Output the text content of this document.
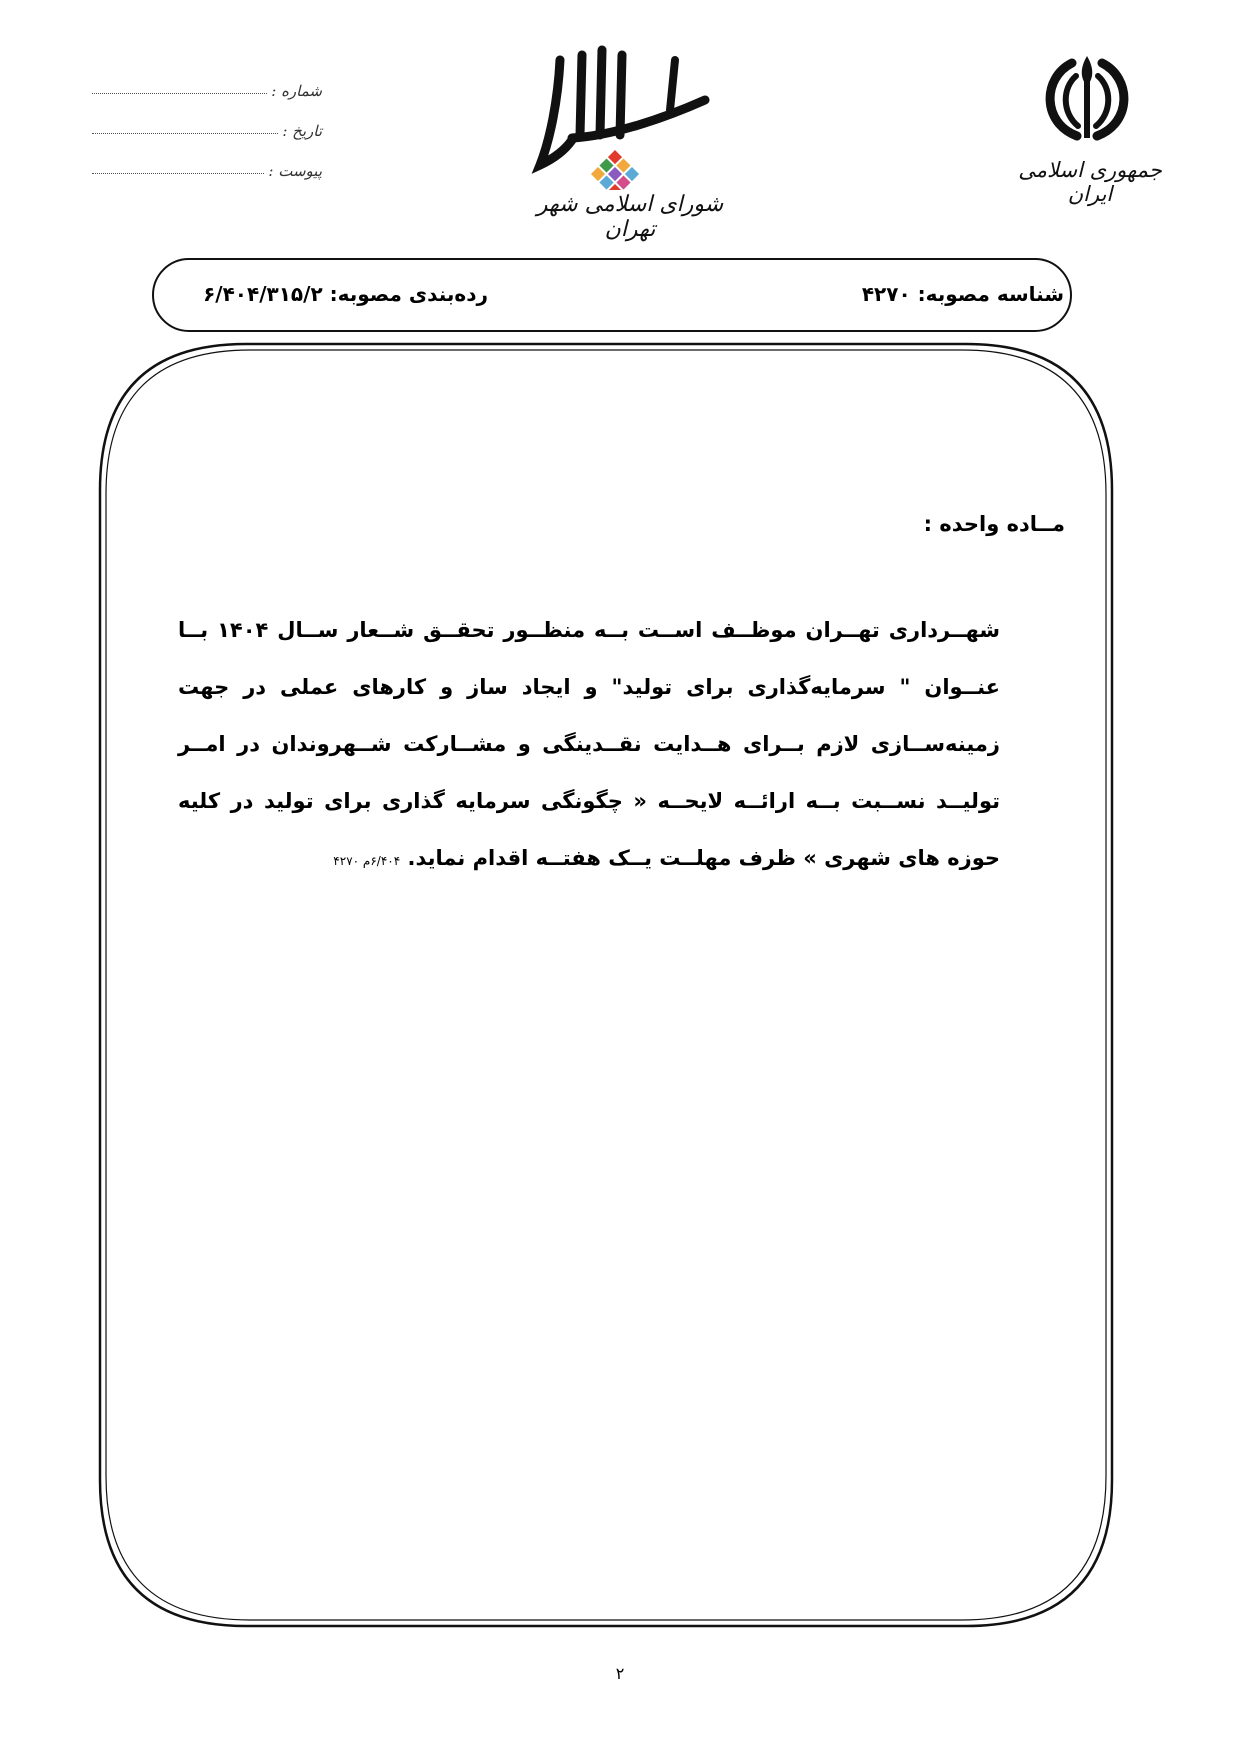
شماره :
تاریخ :
پیوست :
شورای اسلامی شهر تهران
جمهوری اسلامی ایران
شناسه مصوبه: ۴۲۷۰
رده‌بندی مصوبه: ۶/۴۰۴/۳۱۵/۲
مــاده واحده :
شهــرداری تهــران موظــف اســت بــه منظــور تحقــق شــعار ســال ۱۴۰۴ بــا عنــوان " سرمایه‌گذاری برای تولید" و ایجاد ساز و کارهای عملی در جهت زمینه‌ســازی لازم بــرای هــدایت نقــدینگی و مشــارکت شــهروندان در امــر تولیــد نســبت بــه ارائــه لایحــه « چگونگی سرمایه گذاری برای تولید در کلیه حوزه های شهری » ظرف مهلــت یــک هفتــه اقدام نماید. ۶/۴۰۴م ۴۲۷۰
۲
